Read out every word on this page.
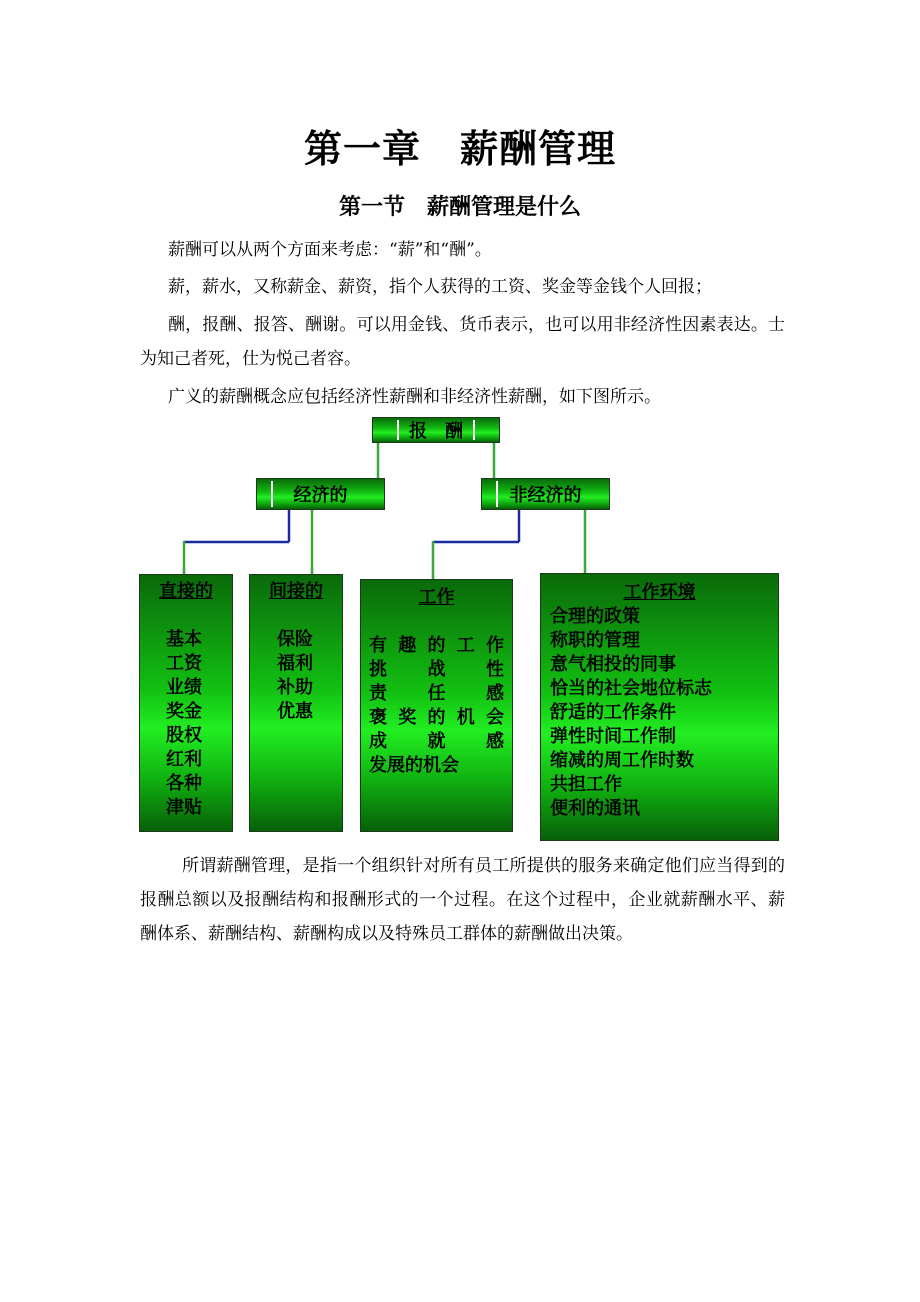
第一章　薪酬管理
第一节　薪酬管理是什么
薪酬可以从两个方面来考虑：“薪”和“酬”。
薪，薪水，又称薪金、薪资，指个人获得的工资、奖金等金钱个人回报；
酬，报酬、报答、酬谢。可以用金钱、货币表示，也可以用非经济性因素表达。士为知己者死，仕为悦己者容。
广义的薪酬概念应包括经济性薪酬和非经济性薪酬，如下图所示。
报　酬
经济的	非经济的
直接的
基本
工资
业绩
奖金
股权
红利
各种
津贴
间接的
保险
福利
补助
优惠
工作
有趣的工作
挑战性
责任感
褒奖的机会
成就感
发展的机会
工作环境
合理的政策
称职的管理
意气相投的同事
恰当的社会地位标志
舒适的工作条件
弹性时间工作制
缩减的周工作时数
共担工作
便利的通讯
所谓薪酬管理，是指一个组织针对所有员工所提供的服务来确定他们应当得到的报酬总额以及报酬结构和报酬形式的一个过程。在这个过程中，企业就薪酬水平、薪酬体系、薪酬结构、薪酬构成以及特殊员工群体的薪酬做出决策。
